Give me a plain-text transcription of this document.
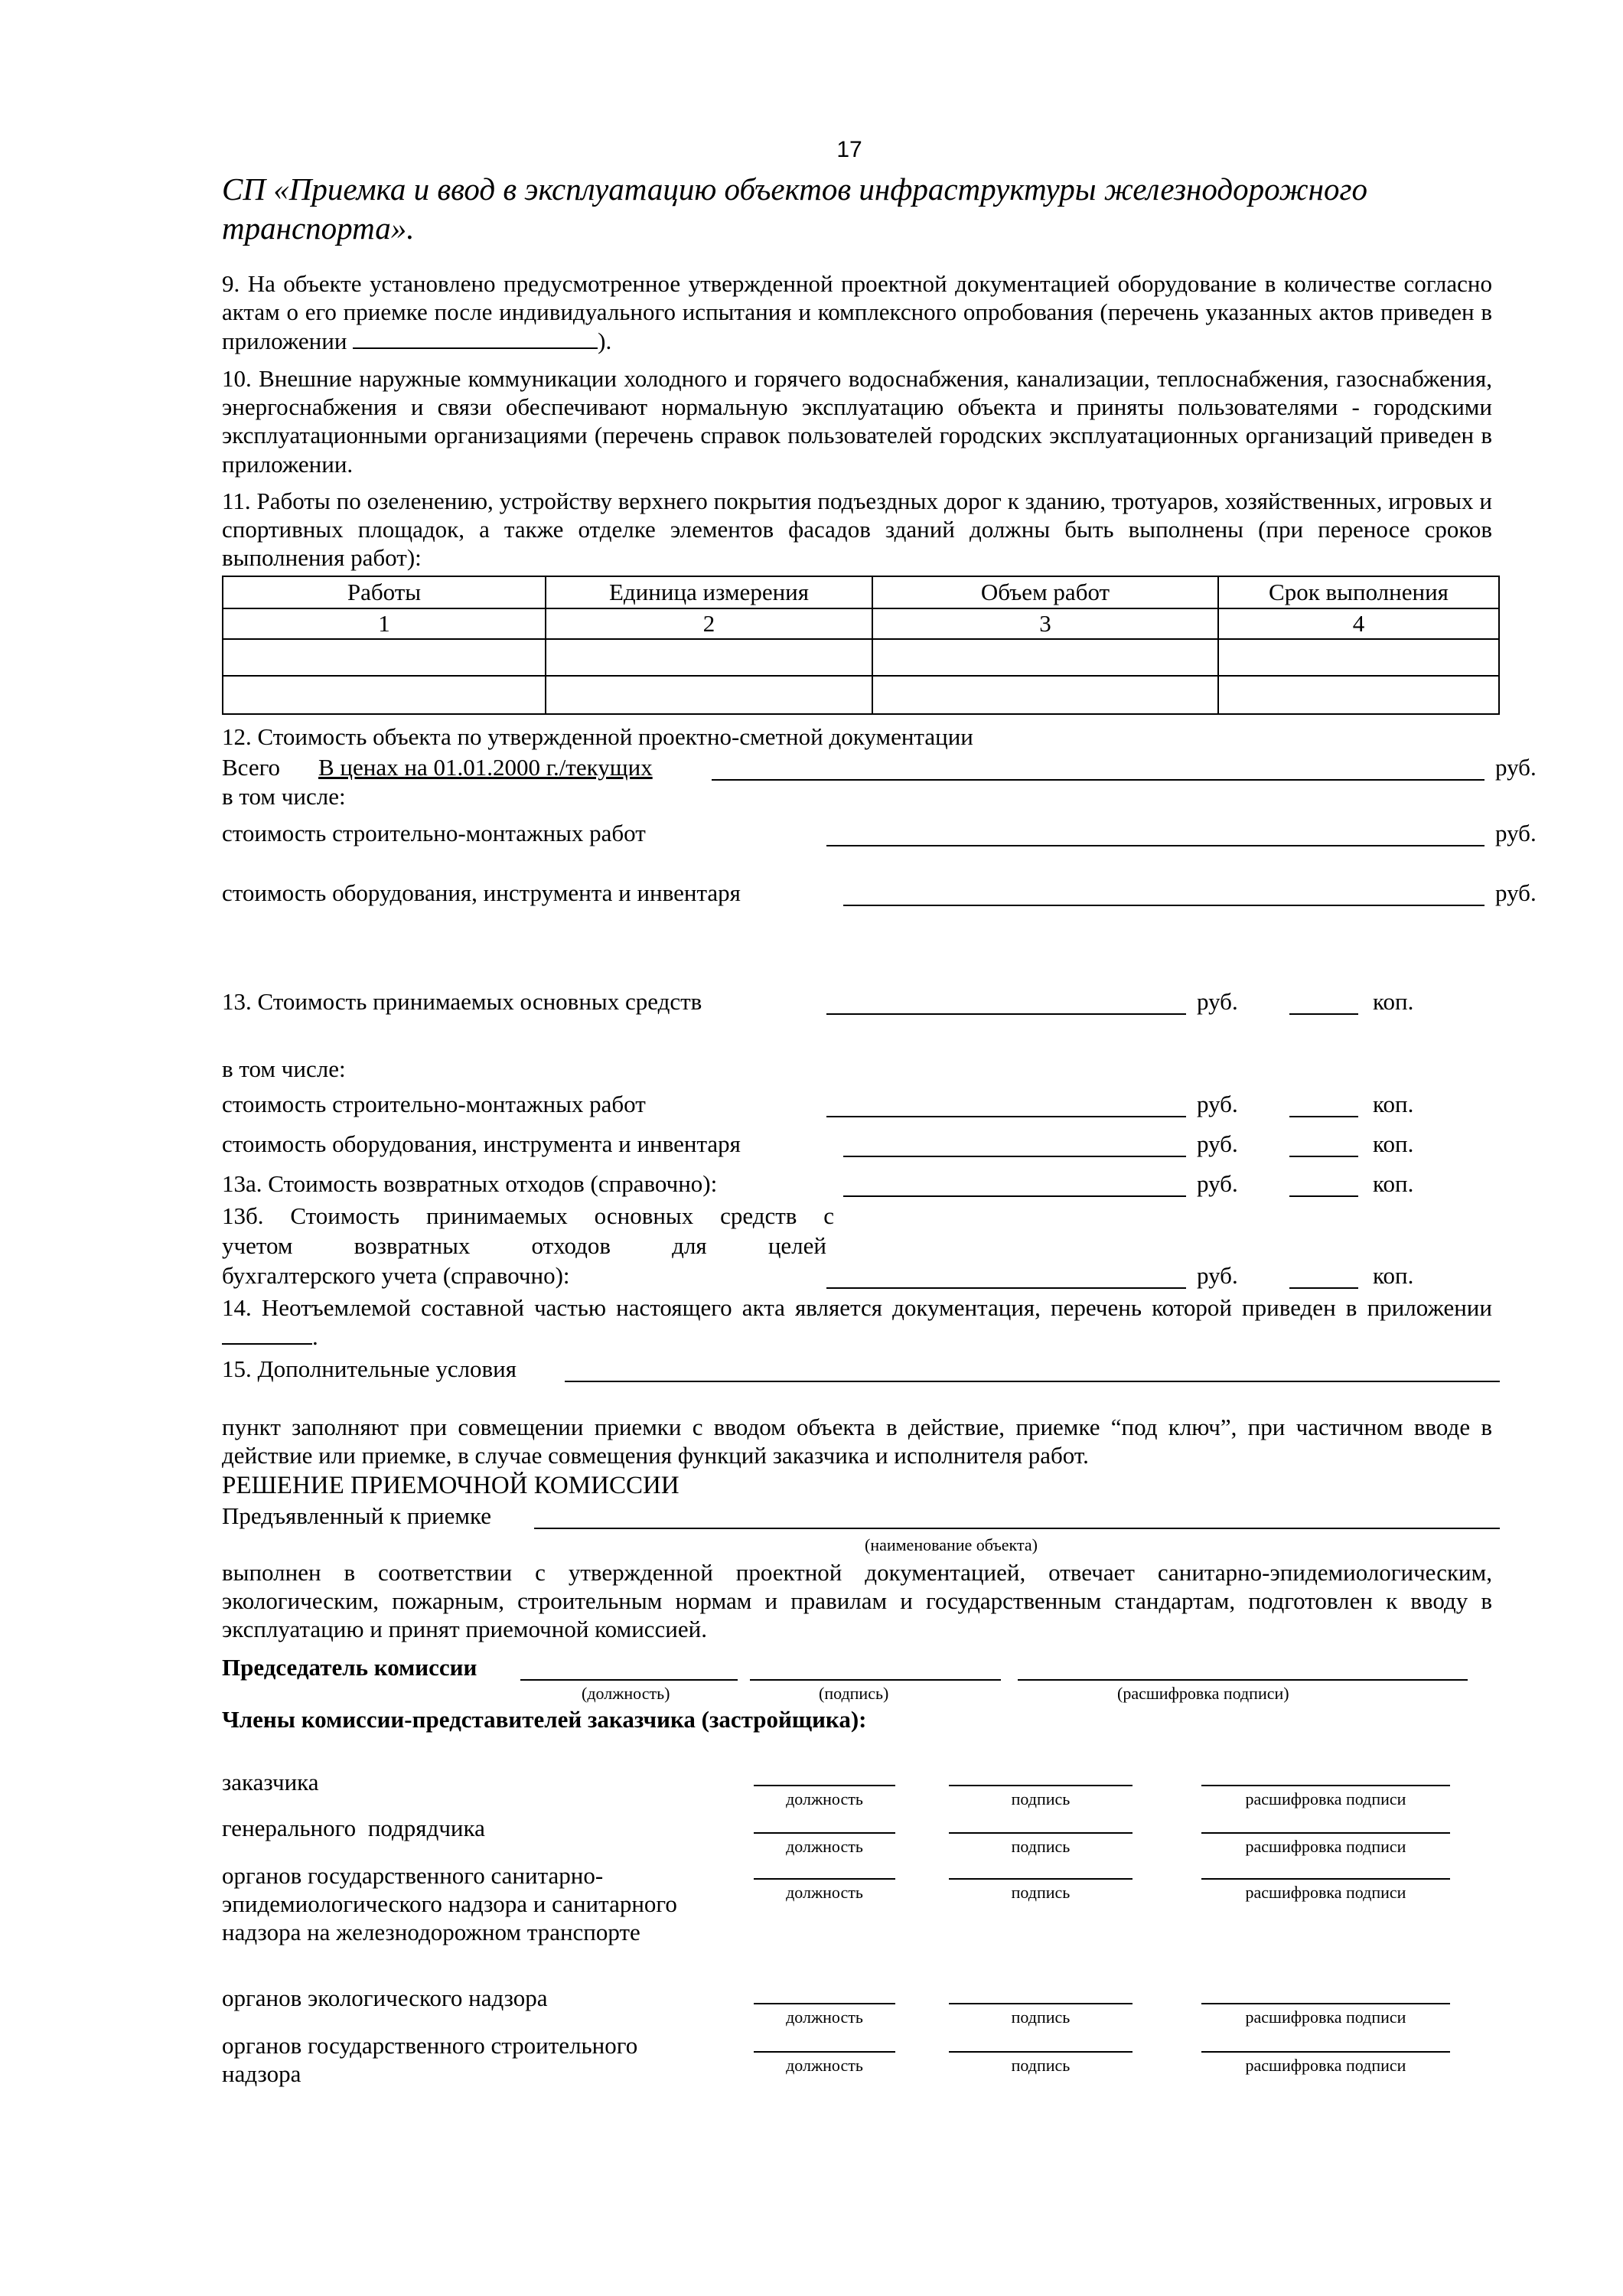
17
СП «Приемка и ввод в эксплуатацию объектов инфраструктуры железнодорожного транспорта».
9. На объекте установлено предусмотренное утвержденной проектной документацией оборудование в количестве согласно актам о его приемке после индивидуального испытания и комплексного опробования (перечень указанных актов приведен в приложении	).
10. Внешние наружные коммуникации холодного и горячего водоснабжения, канализации, теплоснабжения, газоснабжения, энергоснабжения и связи обеспечивают нормальную эксплуатацию объекта и приняты пользователями - городскими эксплуатационными организациями (перечень справок пользователей городских эксплуатационных организаций приведен в приложении.
11. Работы по озеленению, устройству верхнего покрытия подъездных дорог к зданию, тротуаров, хозяйственных, игровых и спортивных площадок, а также отделке элементов фасадов зданий должны быть выполнены (при переносе сроков выполнения работ):
Работы	Единица измерения	Объем работ	Срок выполнения
1	2	3	4

12. Стоимость объекта по утвержденной проектно-сметной документации
Всего В ценах на 01.01.2000 г./текущих	руб.
в том числе:
стоимость строительно-монтажных работ	руб.
стоимость оборудования, инструмента и инвентаря	руб.
13. Стоимость принимаемых основных средств	руб.	коп.
в том числе:
стоимость строительно-монтажных работ	руб.	коп.
стоимость оборудования, инструмента и инвентаря	руб.	коп.
13а. Стоимость возвратных отходов (справочно):	руб.	коп.
13б. Стоимость принимаемых основных средств с
учетом возвратных отходов для целей
бухгалтерского учета (справочно):	руб.	коп.
14. Неотъемлемой составной частью настоящего акта является документация, перечень которой приведен в приложении .
15. Дополнительные условия
пункт заполняют при совмещении приемки с вводом объекта в действие, приемке “под ключ”, при частичном вводе в действие или приемке, в случае совмещения функций заказчика и исполнителя работ.
РЕШЕНИЕ ПРИЕМОЧНОЙ КОМИССИИ
Предъявленный к приемке
(наименование объекта)
выполнен в соответствии с утвержденной проектной документацией, отвечает санитарно-эпидемиологическим, экологическим, пожарным, строительным нормам и правилам и государственным стандартам, подготовлен к вводу в эксплуатацию и принят приемочной комиссией.
Председатель комиссии
(должность)	(подпись)	(расшифровка подписи)
Члены комиссии-представителей заказчика (застройщика):
заказчика
должность	подпись	расшифровка подписи
генерального подрядчика
должность	подпись	расшифровка подписи
органов государственного санитарно-эпидемиологического надзора и санитарного надзора на железнодорожном транспорте
должность	подпись	расшифровка подписи
органов экологического надзора
должность	подпись	расшифровка подписи
органов государственного строительного надзора	должность	подпись	расшифровка подписи
